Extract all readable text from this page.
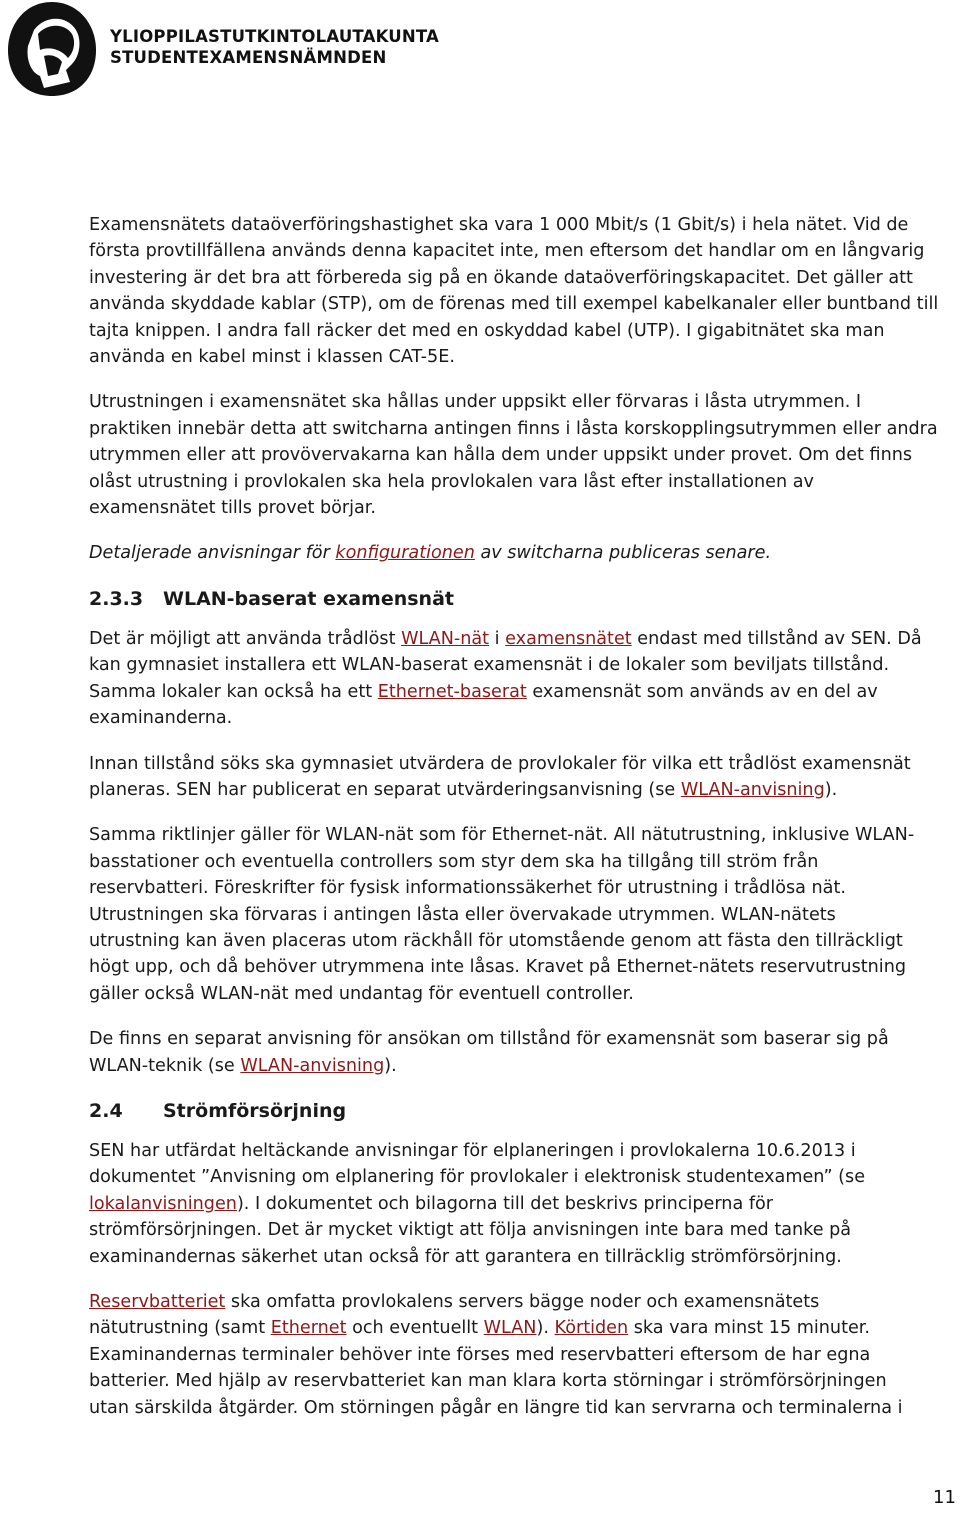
YLIOPPILASTUTKINTOLAUTAKUNTA
STUDENTEXAMENSNÄMNDEN

Examensnätets dataöverföringshastighet ska vara 1 000 Mbit/s (1 Gbit/s) i hela nätet. Vid de
första provtillfällena används denna kapacitet inte, men eftersom det handlar om en långvarig
investering är det bra att förbereda sig på en ökande dataöverföringskapacitet. Det gäller att
använda skyddade kablar (STP), om de förenas med till exempel kabelkanaler eller buntband till
tajta knippen. I andra fall räcker det med en oskyddad kabel (UTP). I gigabitnätet ska man
använda en kabel minst i klassen CAT-5E.

Utrustningen i examensnätet ska hållas under uppsikt eller förvaras i låsta utrymmen. I
praktiken innebär detta att switcharna antingen finns i låsta korskopplingsutrymmen eller andra
utrymmen eller att provövervakarna kan hålla dem under uppsikt under provet. Om det finns
olåst utrustning i provlokalen ska hela provlokalen vara låst efter installationen av
examensnätet tills provet börjar.

Detaljerade anvisningar för konfigurationen av switcharna publiceras senare.

2.3.3 WLAN-baserat examensnät

Det är möjligt att använda trådlöst WLAN-nät i examensnätet endast med tillstånd av SEN. Då
kan gymnasiet installera ett WLAN-baserat examensnät i de lokaler som beviljats tillstånd.
Samma lokaler kan också ha ett Ethernet-baserat examensnät som används av en del av
examinanderna.

Innan tillstånd söks ska gymnasiet utvärdera de provlokaler för vilka ett trådlöst examensnät
planeras. SEN har publicerat en separat utvärderingsanvisning (se WLAN-anvisning).

Samma riktlinjer gäller för WLAN-nät som för Ethernet-nät. All nätutrustning, inklusive WLAN-
basstationer och eventuella controllers som styr dem ska ha tillgång till ström från
reservbatteri. Föreskrifter för fysisk informationssäkerhet för utrustning i trådlösa nät.
Utrustningen ska förvaras i antingen låsta eller övervakade utrymmen. WLAN-nätets
utrustning kan även placeras utom räckhåll för utomstående genom att fästa den tillräckligt
högt upp, och då behöver utrymmena inte låsas. Kravet på Ethernet-nätets reservutrustning
gäller också WLAN-nät med undantag för eventuell controller.

De finns en separat anvisning för ansökan om tillstånd för examensnät som baserar sig på
WLAN-teknik (se WLAN-anvisning).

2.4 Strömförsörjning

SEN har utfärdat heltäckande anvisningar för elplaneringen i provlokalerna 10.6.2013 i
dokumentet ”Anvisning om elplanering för provlokaler i elektronisk studentexamen” (se
lokalanvisningen). I dokumentet och bilagorna till det beskrivs principerna för
strömförsörjningen. Det är mycket viktigt att följa anvisningen inte bara med tanke på
examinandernas säkerhet utan också för att garantera en tillräcklig strömförsörjning.

Reservbatteriet ska omfatta provlokalens servers bägge noder och examensnätets
nätutrustning (samt Ethernet och eventuellt WLAN). Körtiden ska vara minst 15 minuter.
Examinandernas terminaler behöver inte förses med reservbatteri eftersom de har egna
batterier. Med hjälp av reservbatteriet kan man klara korta störningar i strömförsörjningen
utan särskilda åtgärder. Om störningen pågår en längre tid kan servrarna och terminalerna i

11
